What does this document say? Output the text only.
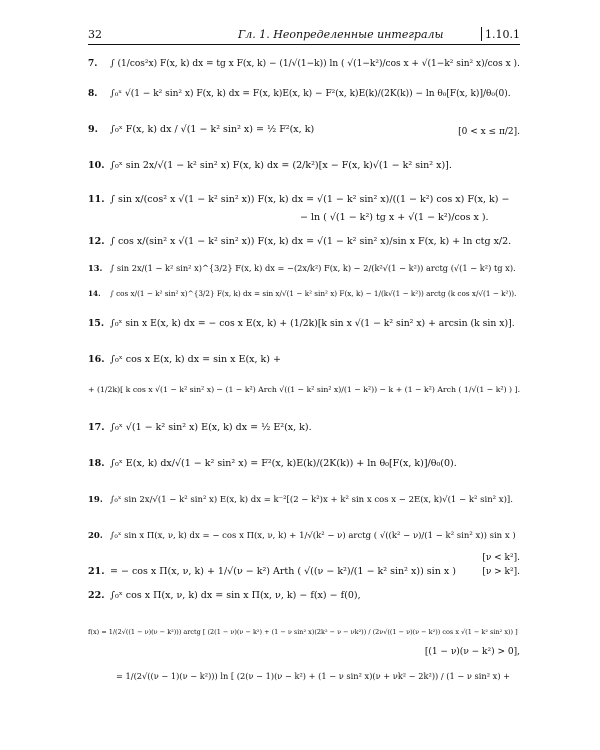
32	Гл. 1. Неопределенные интегралы	1.10.1
7. ∫ (1/cos²x) F(x, k) dx = tg x F(x, k) − (1/√(1−k)) ln ( √(1−k²)/cos x + √(1−k² sin² x)/cos x ).
8. ∫₀ˣ √(1 − k² sin² x) F(x, k) dx = F(x, k)E(x, k) − F²(x, k)E(k)/(2K(k)) − ln θ₀[F(x, k)]/θ₀(0).
9. ∫₀ˣ F(x, k) dx / √(1 − k² sin² x) = ½ F²(x, k)	[0 < x ≤ π/2].
10. ∫₀ˣ sin 2x/√(1 − k² sin² x) F(x, k) dx = (2/k²)[x − F(x, k)√(1 − k² sin² x)].
11. ∫ sin x/(cos² x √(1 − k² sin² x)) F(x, k) dx = √(1 − k² sin² x)/((1 − k²) cos x) F(x, k) −
− ln ( √(1 − k²) tg x + √(1 − k²)/cos x ).
12. ∫ cos x/(sin² x √(1 − k² sin² x)) F(x, k) dx = √(1 − k² sin² x)/sin x F(x, k) + ln ctg x/2.
13. ∫ sin 2x/(1 − k² sin² x)^{3/2} F(x, k) dx = −(2x/k²) F(x, k) − 2/(k²√(1 − k²)) arctg (√(1 − k²) tg x).
14. ∫ cos x/(1 − k² sin² x)^{3/2} F(x, k) dx = sin x/√(1 − k² sin² x) F(x, k) − 1/(k√(1 − k²)) arctg (k cos x/√(1 − k²)).
15. ∫₀ˣ sin x E(x, k) dx = − cos x E(x, k) + (1/2k)[k sin x √(1 − k² sin² x) + arcsin (k sin x)].
16. ∫₀ˣ cos x E(x, k) dx = sin x E(x, k) +
+ (1/2k)[ k cos x √(1 − k² sin² x) − (1 − k²) Arch √((1 − k² sin² x)/(1 − k²)) − k + (1 − k²) Arch ( 1/√(1 − k²) ) ].
17. ∫₀ˣ √(1 − k² sin² x) E(x, k) dx = ½ E²(x, k).
18. ∫₀ˣ E(x, k) dx/√(1 − k² sin² x) = F²(x, k)E(k)/(2K(k)) + ln θ₀[F(x, k)]/θ₀(0).
19. ∫₀ˣ sin 2x/√(1 − k² sin² x) E(x, k) dx = k⁻²[(2 − k²)x + k² sin x cos x − 2E(x, k)√(1 − k² sin² x)].
20. ∫₀ˣ sin x Π(x, ν, k) dx = − cos x Π(x, ν, k) + 1/√(k² − ν) arctg ( √((k² − ν)/(1 − k² sin² x)) sin x )
[ν < k²].
21. = − cos x Π(x, ν, k) + 1/√(ν − k²) Arth ( √((ν − k²)/(1 − k² sin² x)) sin x )	[ν > k²].
22. ∫₀ˣ cos x Π(x, ν, k) dx = sin x Π(x, ν, k) − f(x) − f(0),
f(x) = 1/(2√((1 − ν)(ν − k²))) arctg [ (2(1 − ν)(ν − k²) + (1 − ν sin² x)(2k² − ν − νk²)) / (2ν√((1 − ν)(ν − k²)) cos x √(1 − k² sin² x)) ]
[(1 − ν)(ν − k²) > 0],
= 1/(2√((ν − 1)(ν − k²))) ln [ (2(ν − 1)(ν − k²) + (1 − ν sin² x)(ν + νk² − 2k²)) / (1 − ν sin² x) +
